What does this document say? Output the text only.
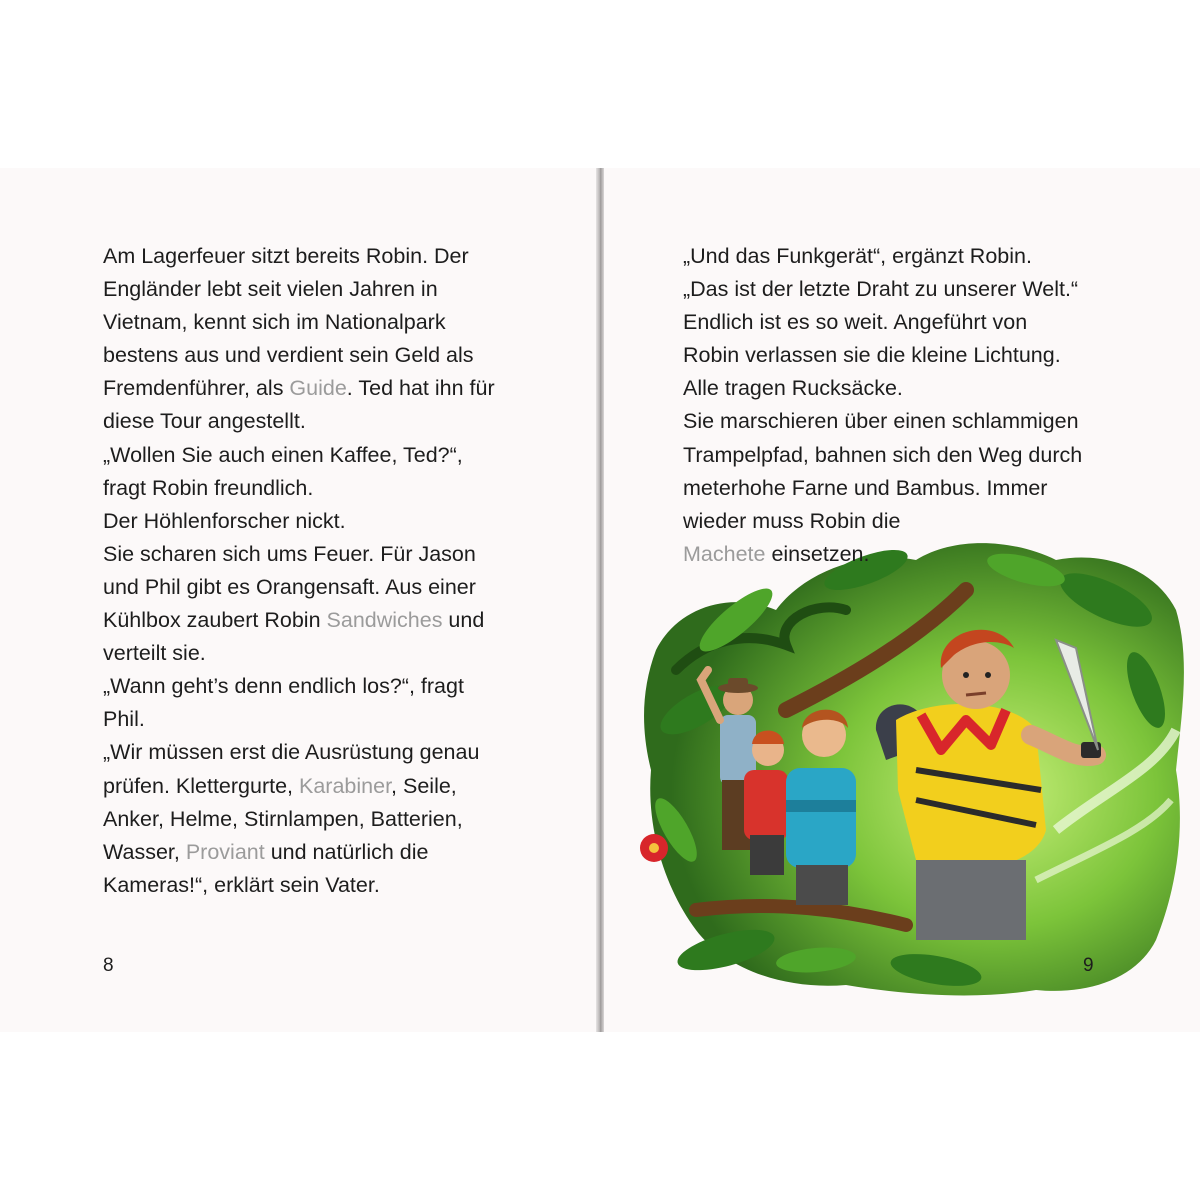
Am Lagerfeuer sitzt bereits Robin. Der
Engländer lebt seit vielen Jahren in
Vietnam, kennt sich im Nationalpark
bestens aus und verdient sein Geld als
Fremdenführer, als Guide. Ted hat ihn für
diese Tour angestellt.
„Wollen Sie auch einen Kaffee, Ted?“,
fragt Robin freundlich.
Der Höhlenforscher nickt.
Sie scharen sich ums Feuer. Für Jason
und Phil gibt es Orangensaft. Aus einer
Kühlbox zaubert Robin Sandwiches und
verteilt sie.
„Wann geht’s denn endlich los?“, fragt
Phil.
„Wir müssen erst die Ausrüstung genau
prüfen. Klettergurte, Karabiner, Seile,
Anker, Helme, Stirnlampen, Batterien,
Wasser, Proviant und natürlich die
Kameras!“, erklärt sein Vater.
8
„Und das Funkgerät“, ergänzt Robin.
„Das ist der letzte Draht zu unserer Welt.“
Endlich ist es so weit. Angeführt von
Robin verlassen sie die kleine Lichtung.
Alle tragen Rucksäcke.
Sie marschieren über einen schlammigen
Trampelpfad, bahnen sich den Weg durch
meterhohe Farne und Bambus. Immer
wieder muss Robin die
Machete einsetzen.
9
